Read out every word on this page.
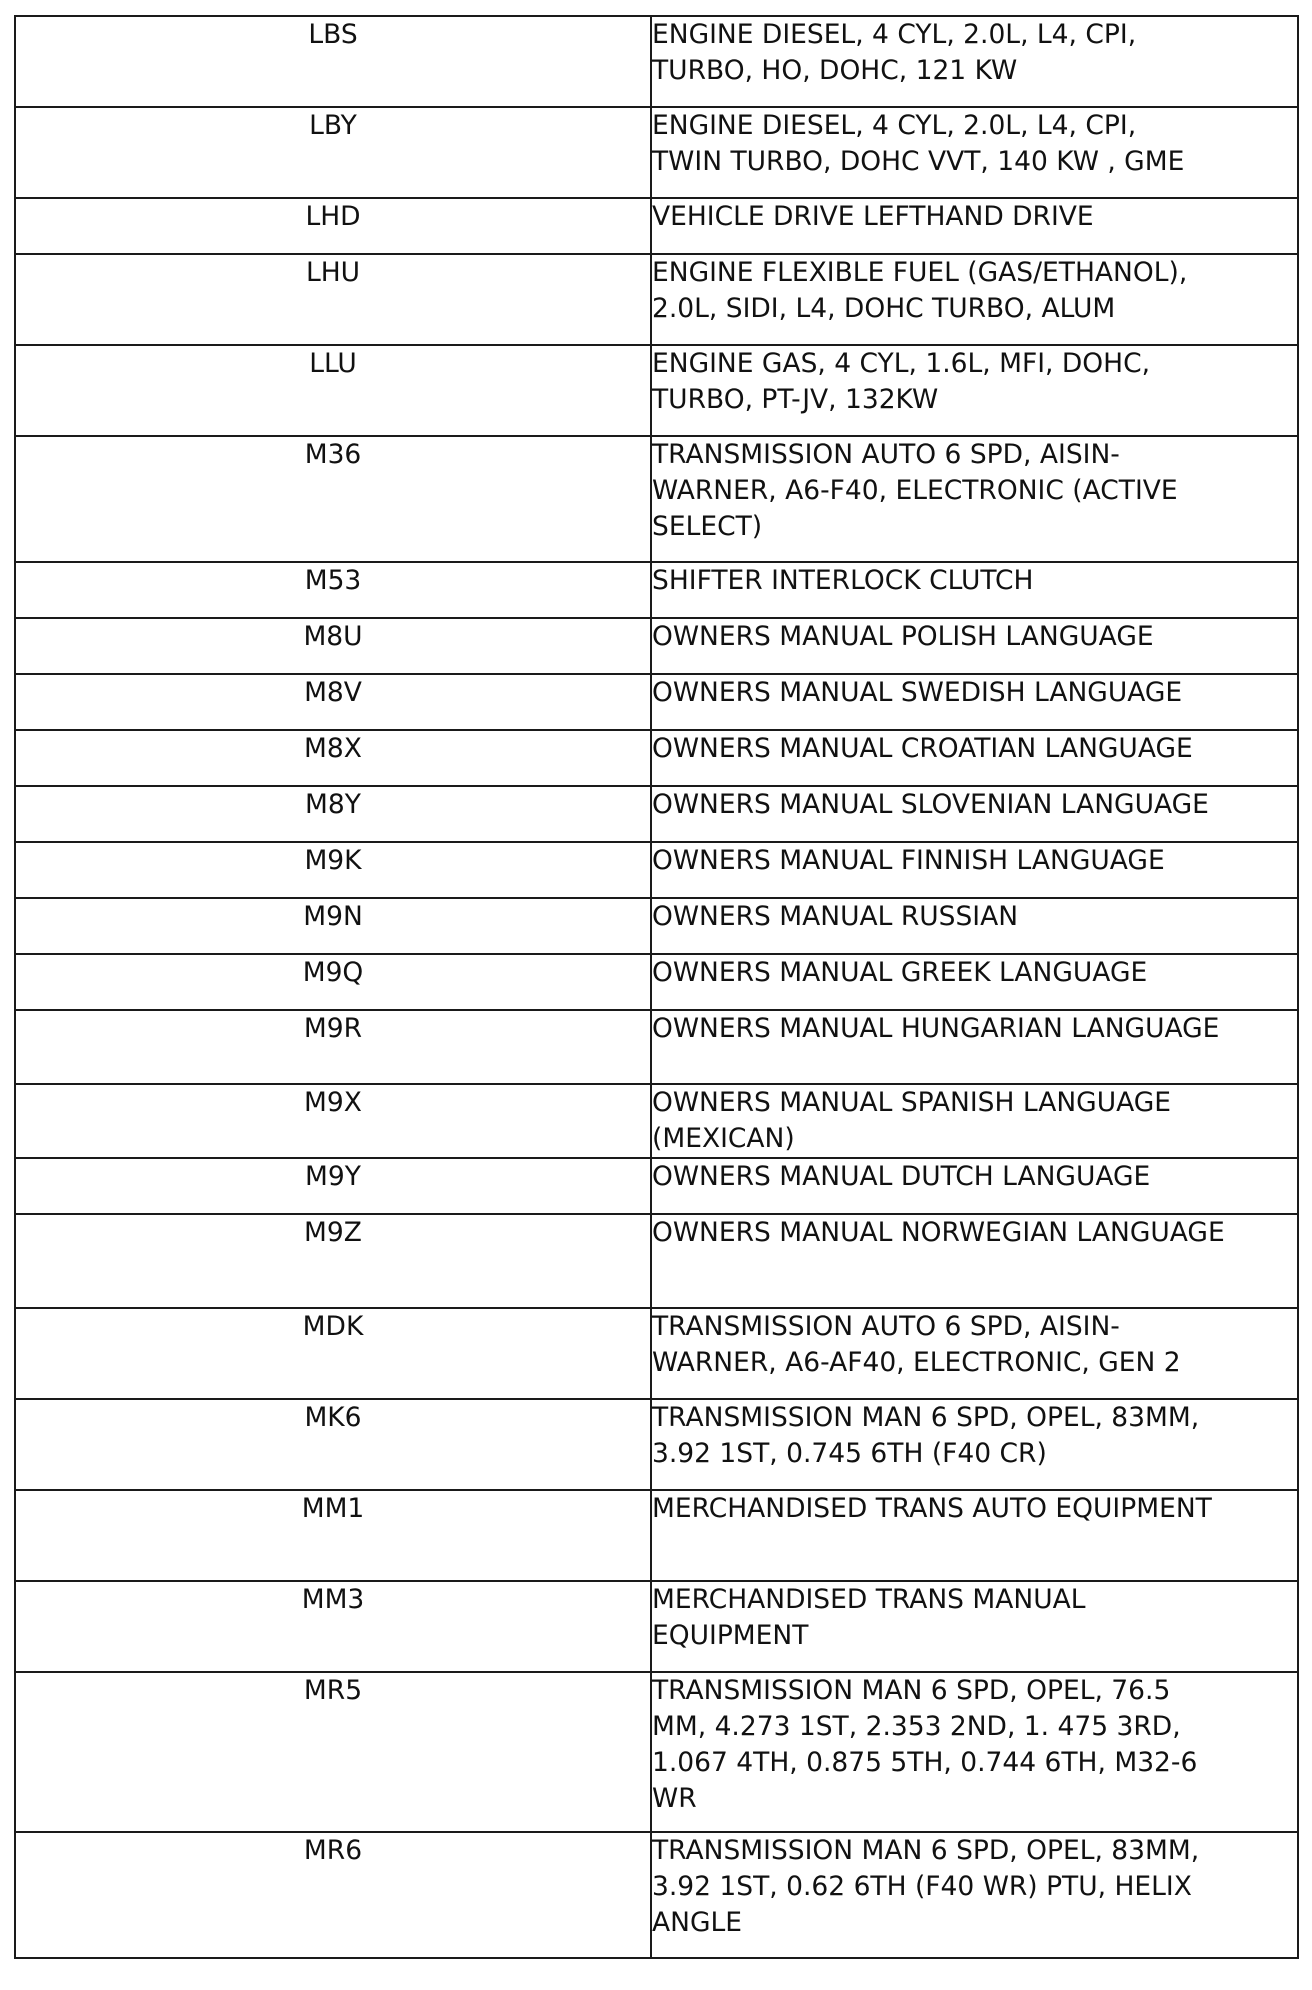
LBS	ENGINE DIESEL, 4 CYL, 2.0L, L4, CPI,
TURBO, HO, DOHC, 121 KW

LBY	ENGINE DIESEL, 4 CYL, 2.0L, L4, CPI,
TWIN TURBO, DOHC VVT, 140 KW , GME

LHD	VEHICLE DRIVE LEFTHAND DRIVE

LHU	ENGINE FLEXIBLE FUEL (GAS/ETHANOL),
2.0L, SIDI, L4, DOHC TURBO, ALUM

LLU	ENGINE GAS, 4 CYL, 1.6L, MFI, DOHC,
TURBO, PT-JV, 132KW

M36	TRANSMISSION AUTO 6 SPD, AISIN-
WARNER, A6-F40, ELECTRONIC (ACTIVE
SELECT)

M53	SHIFTER INTERLOCK CLUTCH

M8U	OWNERS MANUAL POLISH LANGUAGE

M8V	OWNERS MANUAL SWEDISH LANGUAGE

M8X	OWNERS MANUAL CROATIAN LANGUAGE

M8Y	OWNERS MANUAL SLOVENIAN LANGUAGE

M9K	OWNERS MANUAL FINNISH LANGUAGE

M9N	OWNERS MANUAL RUSSIAN

M9Q	OWNERS MANUAL GREEK LANGUAGE

M9R	OWNERS MANUAL HUNGARIAN LANGUAGE

M9X	OWNERS MANUAL SPANISH LANGUAGE
(MEXICAN)

M9Y	OWNERS MANUAL DUTCH LANGUAGE

M9Z	OWNERS MANUAL NORWEGIAN LANGUAGE

MDK	TRANSMISSION AUTO 6 SPD, AISIN-
WARNER, A6-AF40, ELECTRONIC, GEN 2

MK6	TRANSMISSION MAN 6 SPD, OPEL, 83MM,
3.92 1ST, 0.745 6TH (F40 CR)

MM1	MERCHANDISED TRANS AUTO EQUIPMENT

MM3	MERCHANDISED TRANS MANUAL
EQUIPMENT

MR5	TRANSMISSION MAN 6 SPD, OPEL, 76.5
MM, 4.273 1ST, 2.353 2ND, 1. 475 3RD,
1.067 4TH, 0.875 5TH, 0.744 6TH, M32-6
WR

MR6	TRANSMISSION MAN 6 SPD, OPEL, 83MM,
3.92 1ST, 0.62 6TH (F40 WR) PTU, HELIX
ANGLE
